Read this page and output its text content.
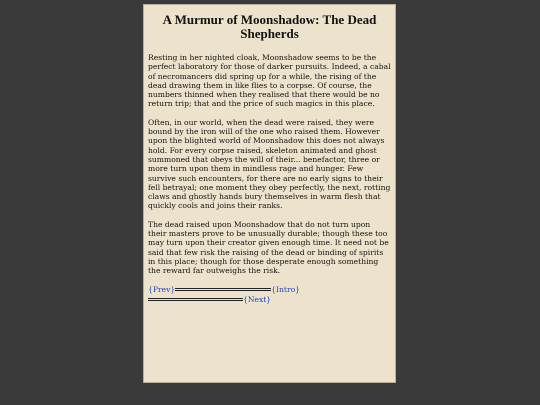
A Murmur of Moonshadow: The Dead Shepherds

Resting in her nighted cloak, Moonshadow seems to be the perfect laboratory for those of darker pursuits. Indeed, a cabal of necromancers did spring up for a while, the rising of the dead drawing them in like flies to a corpse. Of course, the numbers thinned when they realised that there would be no return trip; that and the price of such magics in this place.

Often, in our world, when the dead were raised, they were bound by the iron will of the one who raised them. However upon the blighted world of Moonshadow this does not always hold. For every corpse raised, skeleton animated and ghost summoned that obeys the will of their... benefactor, three or more turn upon them in mindless rage and hunger. Few survive such encounters, for there are no early signs to their fell betrayal; one moment they obey perfectly, the next, rotting claws and ghostly hands bury themselves in warm flesh that quickly cools and joins their ranks.

The dead raised upon Moonshadow that do not turn upon their masters prove to be unusually durable; though these too may turn upon their creator given enough time. It need not be said that few risk the raising of the dead or binding of spirits in this place; though for those desperate enough something the reward far outweighs the risk.

{Prev}	{Intro}
{Next}
